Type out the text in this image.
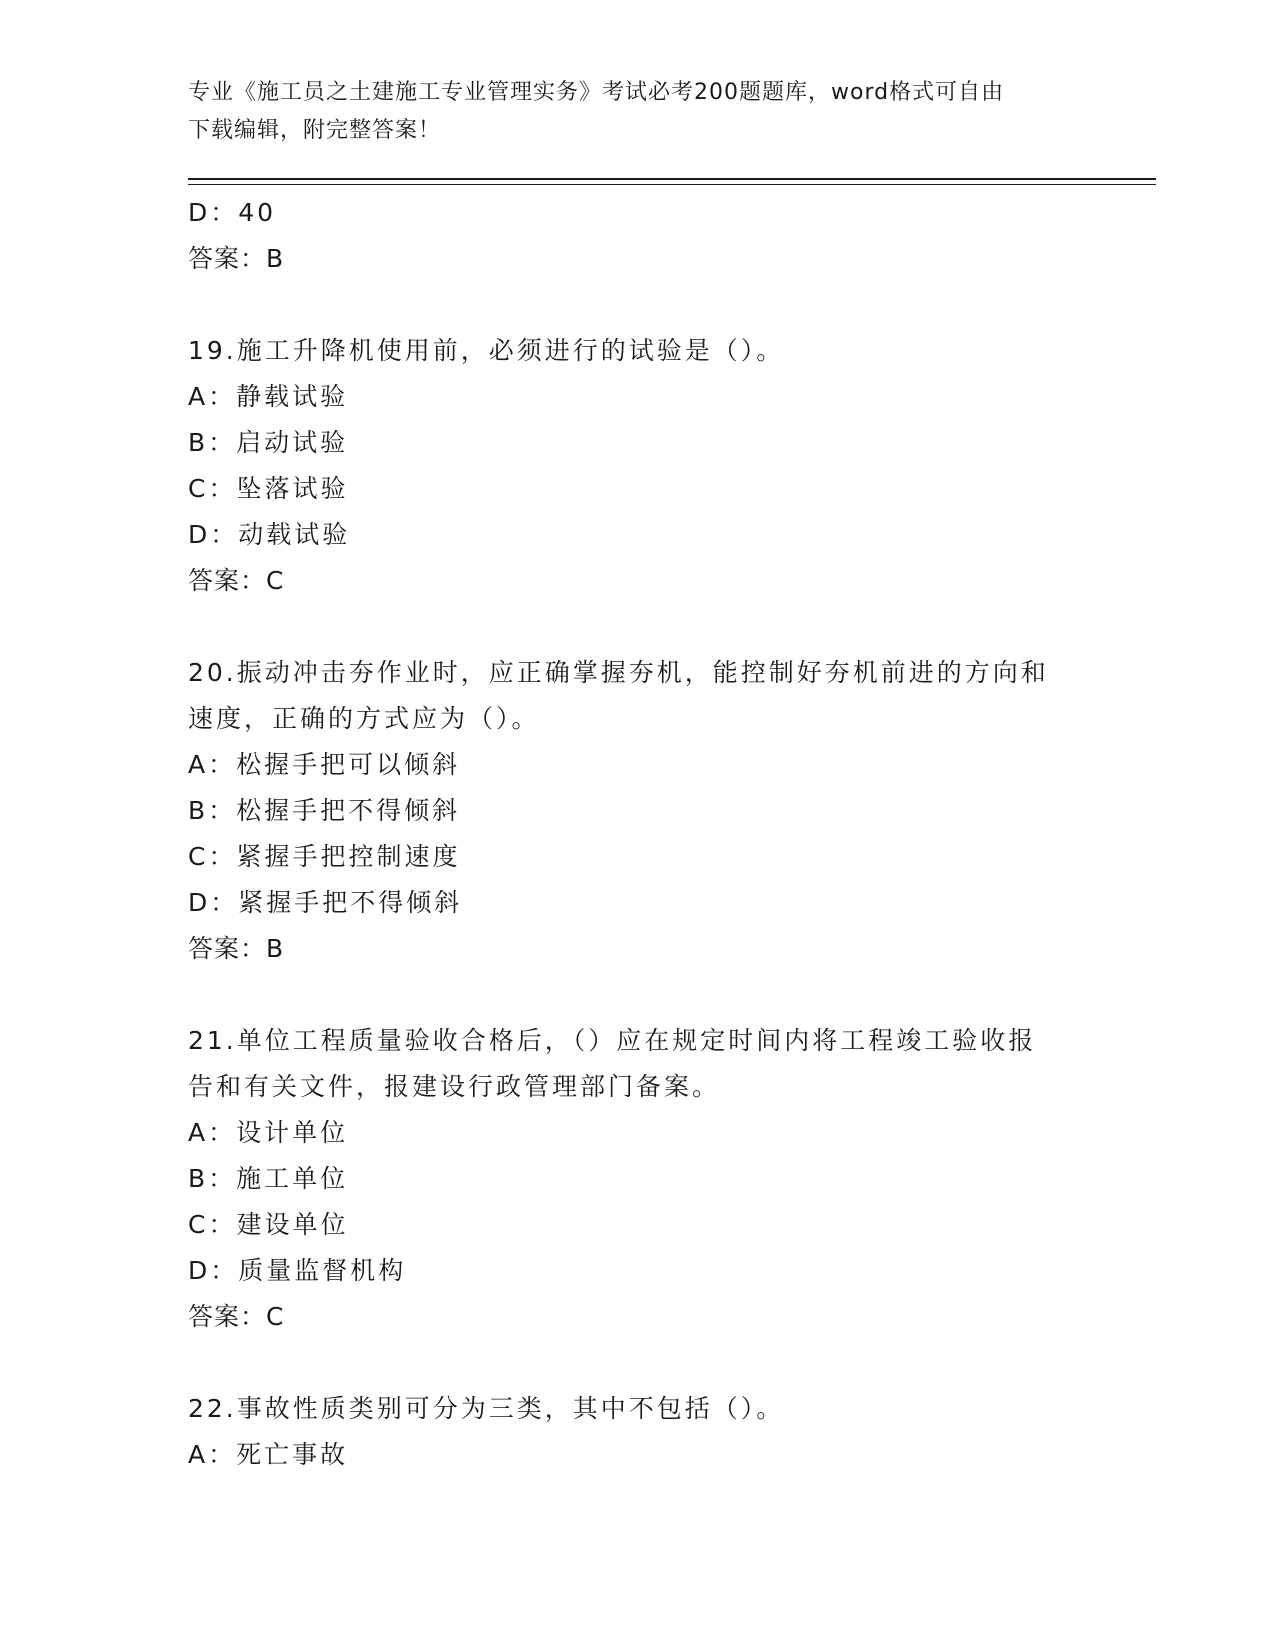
专业《施工员之土建施工专业管理实务》考试必考200题题库，word格式可自由
下载编辑，附完整答案！
D：40
答案：B
19.施工升降机使用前，必须进行的试验是（）。
A：静载试验
B：启动试验
C：坠落试验
D：动载试验
答案：C
20.振动冲击夯作业时，应正确掌握夯机，能控制好夯机前进的方向和
速度，正确的方式应为（）。
A：松握手把可以倾斜
B：松握手把不得倾斜
C：紧握手把控制速度
D：紧握手把不得倾斜
答案：B
21.单位工程质量验收合格后，（）应在规定时间内将工程竣工验收报
告和有关文件，报建设行政管理部门备案。
A：设计单位
B：施工单位
C：建设单位
D：质量监督机构
答案：C
22.事故性质类别可分为三类，其中不包括（）。
A：死亡事故
